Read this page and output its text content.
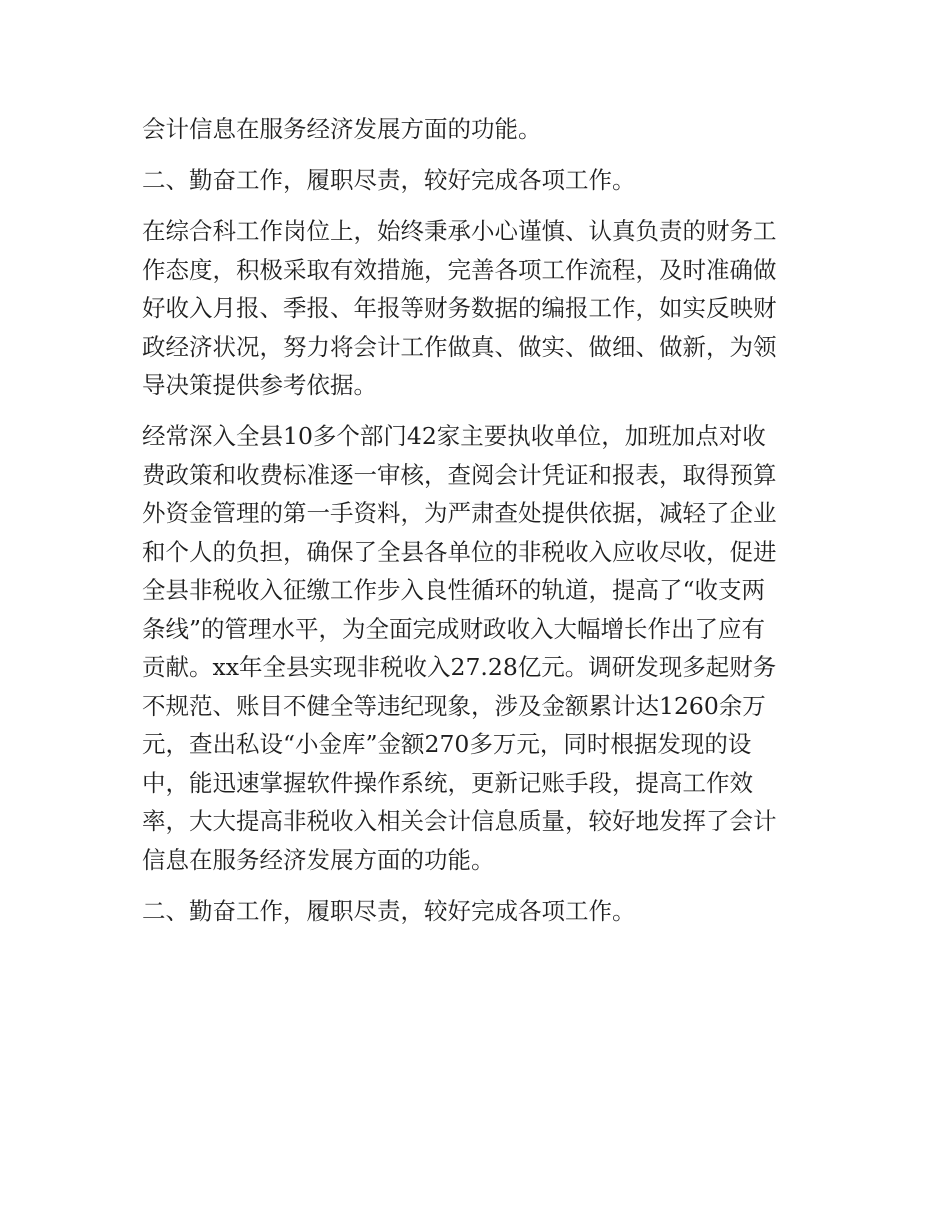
会计信息在服务经济发展方面的功能。
二、勤奋工作，履职尽责，较好完成各项工作。
在综合科工作岗位上，始终秉承小心谨慎、认真负责的财务工
作态度，积极采取有效措施，完善各项工作流程，及时准确做
好收入月报、季报、年报等财务数据的编报工作，如实反映财
政经济状况，努力将会计工作做真、做实、做细、做新，为领
导决策提供参考依据。
经常深入全县10多个部门42家主要执收单位，加班加点对收
费政策和收费标准逐一审核，查阅会计凭证和报表，取得预算
外资金管理的第一手资料，为严肃查处提供依据，减轻了企业
和个人的负担，确保了全县各单位的非税收入应收尽收，促进
全县非税收入征缴工作步入良性循环的轨道，提高了“收支两
条线”的管理水平，为全面完成财政收入大幅增长作出了应有
贡献。xx年全县实现非税收入27.28亿元。调研发现多起财务
不规范、账目不健全等违纪现象，涉及金额累计达1260余万
元，查出私设“小金库”金额270多万元，同时根据发现的设
中，能迅速掌握软件操作系统，更新记账手段，提高工作效
率，大大提高非税收入相关会计信息质量，较好地发挥了会计
信息在服务经济发展方面的功能。
二、勤奋工作，履职尽责，较好完成各项工作。
